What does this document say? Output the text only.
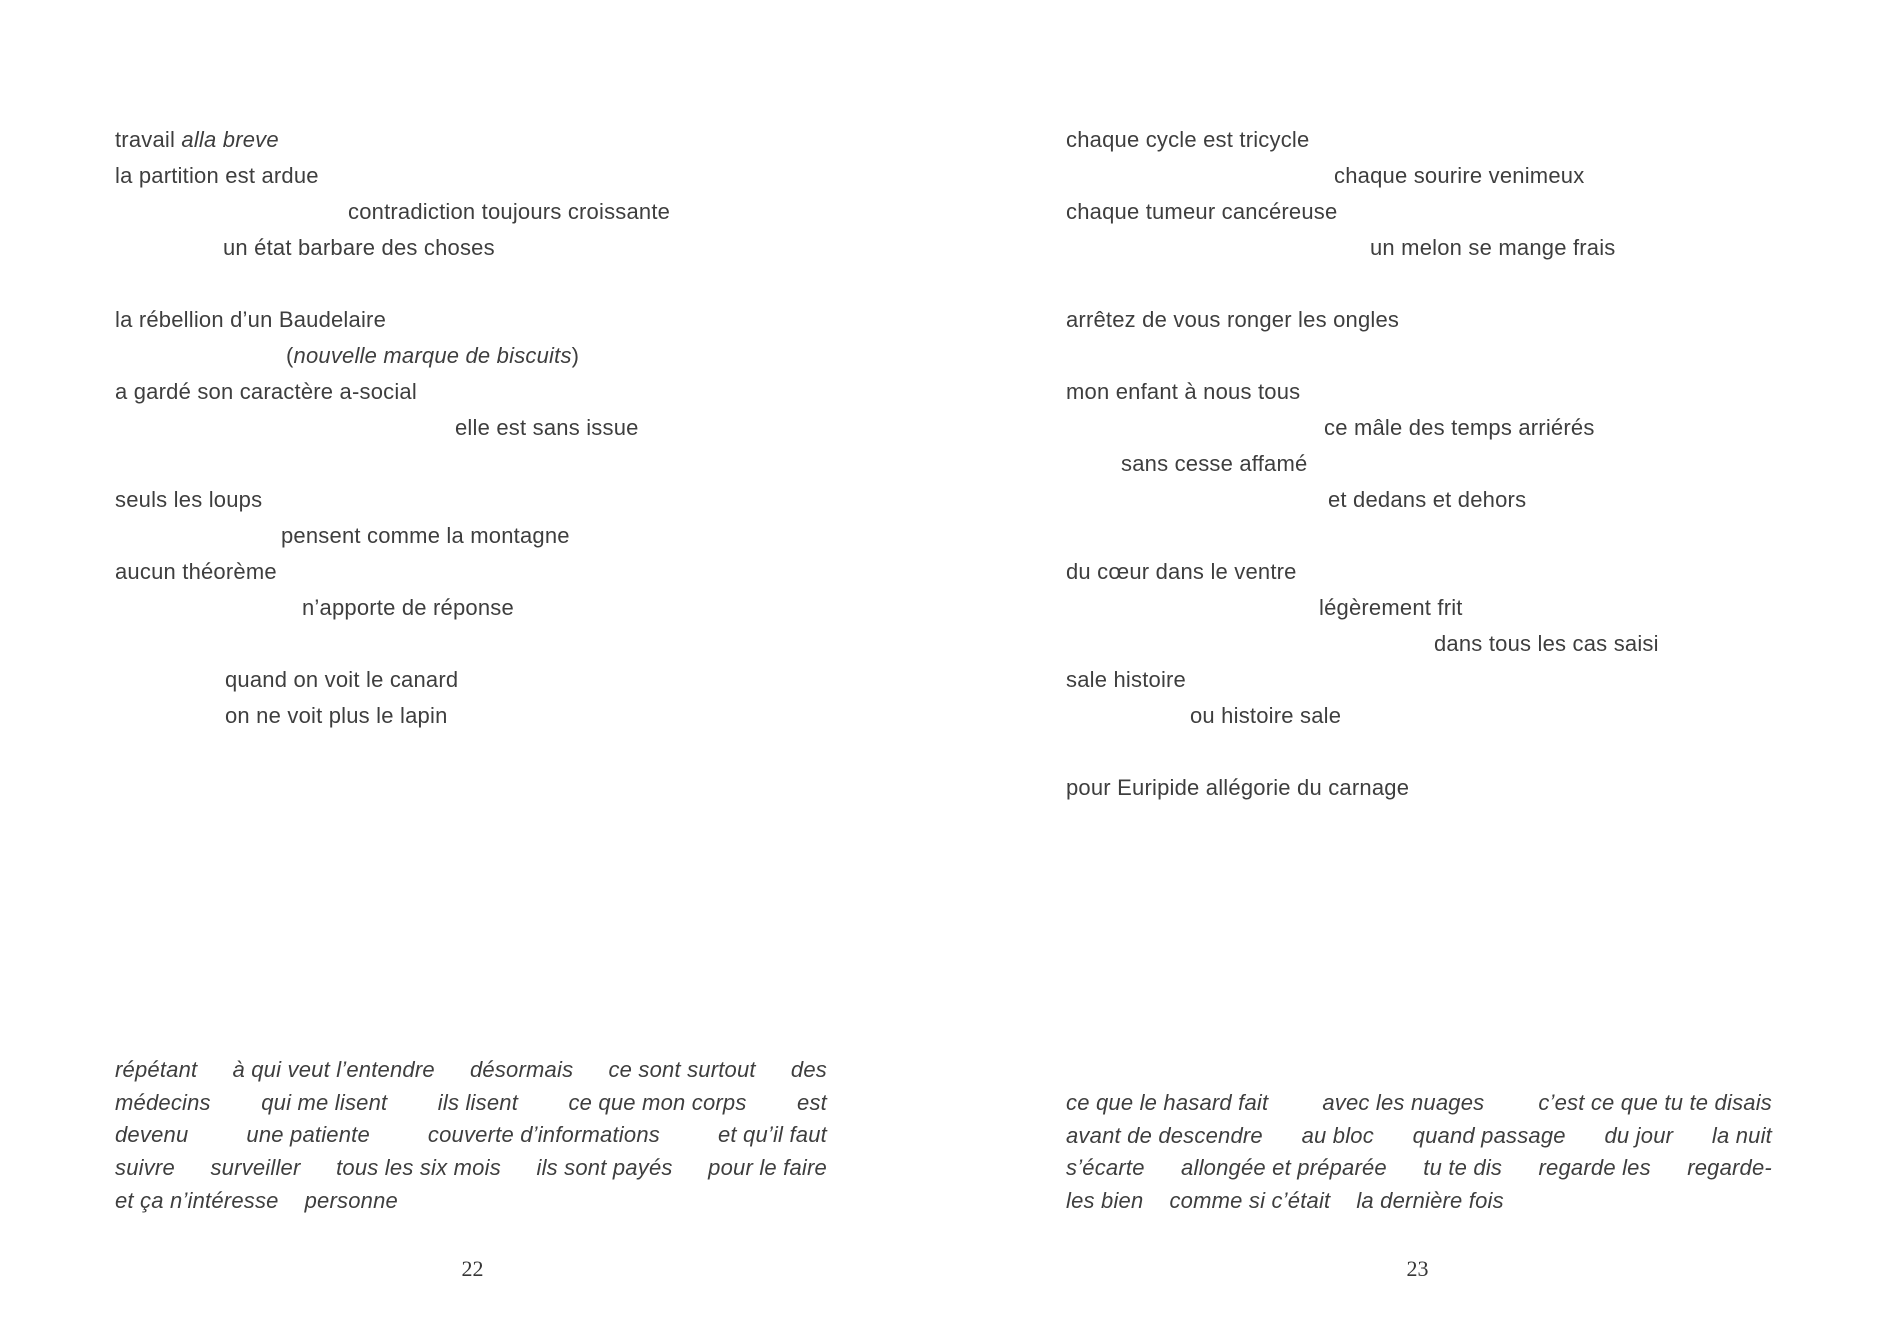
travail alla breve
la partition est ardue
contradiction toujours croissante
un état barbare des choses
la rébellion d’un Baudelaire
(nouvelle marque de biscuits)
a gardé son caractère a-social
elle est sans issue
seuls les loups
pensent comme la montagne
aucun théorème
n’apporte de réponse
quand on voit le canard
on ne voit plus le lapin
répétant à qui veut l’entendre désormais ce sont surtout des
médecins qui me lisent ils lisent ce que mon corps est
devenu	une patiente	couverte d’informations	et qu’il faut
suivre surveiller tous les six mois ils sont payés pour le faire
et ça n’intéresse personne
22
chaque cycle est tricycle
chaque sourire venimeux
chaque tumeur cancéreuse
un melon se mange frais
arrêtez de vous ronger les ongles
mon enfant à nous tous
ce mâle des temps arriérés
sans cesse affamé
et dedans et dehors
du cœur dans le ventre
légèrement frit
dans tous les cas saisi
sale histoire
ou histoire sale
pour Euripide allégorie du carnage
ce que le hasard fait avec les nuages c’est ce que tu te disais
avant de descendre au bloc quand passage du jour la nuit
s’écarte allongée et préparée tu te dis regarde les regarde-
les bien comme si c’était la dernière fois
23
